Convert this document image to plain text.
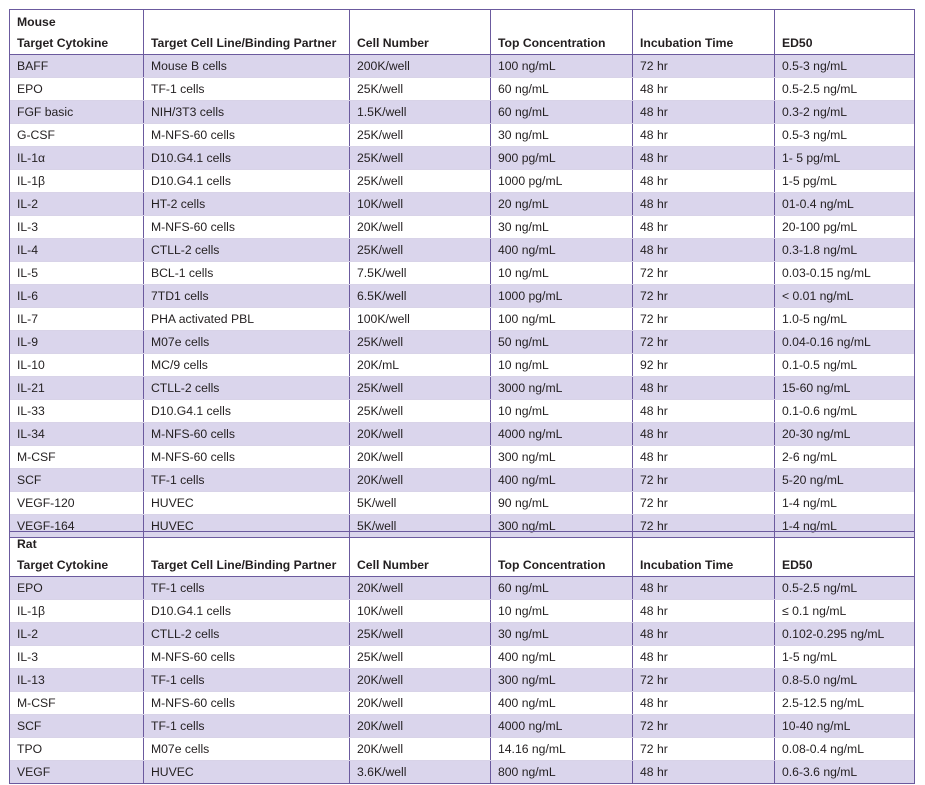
Mouse
Target Cytokine	Target Cell Line/Binding Partner	Cell Number	Top Concentration	Incubation Time	ED50
BAFF	Mouse B cells	200K/well	100 ng/mL	72 hr	0.5-3 ng/mL
EPO	TF-1 cells	25K/well	60 ng/mL	48 hr	0.5-2.5 ng/mL
FGF basic	NIH/3T3 cells	1.5K/well	60 ng/mL	48 hr	0.3-2 ng/mL
G-CSF	M-NFS-60 cells	25K/well	30 ng/mL	48 hr	0.5-3 ng/mL
IL-1α	D10.G4.1 cells	25K/well	900 pg/mL	48 hr	1- 5 pg/mL
IL-1β	D10.G4.1 cells	25K/well	1000 pg/mL	48 hr	1-5 pg/mL
IL-2	HT-2 cells	10K/well	20 ng/mL	48 hr	01-0.4 ng/mL
IL-3	M-NFS-60 cells	20K/well	30 ng/mL	48 hr	20-100 pg/mL
IL-4	CTLL-2 cells	25K/well	400 ng/mL	48 hr	0.3-1.8 ng/mL
IL-5	BCL-1 cells	7.5K/well	10 ng/mL	72 hr	0.03-0.15 ng/mL
IL-6	7TD1 cells	6.5K/well	1000 pg/mL	72 hr	< 0.01 ng/mL
IL-7	PHA activated PBL	100K/well	100 ng/mL	72 hr	1.0-5 ng/mL
IL-9	M07e cells	25K/well	50 ng/mL	72 hr	0.04-0.16 ng/mL
IL-10	MC/9 cells	20K/mL	10 ng/mL	92 hr	0.1-0.5 ng/mL
IL-21	CTLL-2 cells	25K/well	3000 ng/mL	48 hr	15-60 ng/mL
IL-33	D10.G4.1 cells	25K/well	10 ng/mL	48 hr	0.1-0.6 ng/mL
IL-34	M-NFS-60 cells	20K/well	4000 ng/mL	48 hr	20-30 ng/mL
M-CSF	M-NFS-60 cells	20K/well	300 ng/mL	48 hr	2-6 ng/mL
SCF	TF-1 cells	20K/well	400 ng/mL	72 hr	5-20 ng/mL
VEGF-120	HUVEC	5K/well	90 ng/mL	72 hr	1-4 ng/mL
VEGF-164	HUVEC	5K/well	300 ng/mL	72 hr	1-4 ng/mL
Rat
Target Cytokine	Target Cell Line/Binding Partner	Cell Number	Top Concentration	Incubation Time	ED50
EPO	TF-1 cells	20K/well	60 ng/mL	48 hr	0.5-2.5 ng/mL
IL-1β	D10.G4.1 cells	10K/well	10 ng/mL	48 hr	≤ 0.1 ng/mL
IL-2	CTLL-2 cells	25K/well	30 ng/mL	48 hr	0.102-0.295 ng/mL
IL-3	M-NFS-60 cells	25K/well	400 ng/mL	48 hr	1-5 ng/mL
IL-13	TF-1 cells	20K/well	300 ng/mL	72 hr	0.8-5.0 ng/mL
M-CSF	M-NFS-60 cells	20K/well	400 ng/mL	48 hr	2.5-12.5 ng/mL
SCF	TF-1 cells	20K/well	4000 ng/mL	72 hr	10-40 ng/mL
TPO	M07e cells	20K/well	14.16 ng/mL	72 hr	0.08-0.4 ng/mL
VEGF	HUVEC	3.6K/well	800 ng/mL	48 hr	0.6-3.6 ng/mL
